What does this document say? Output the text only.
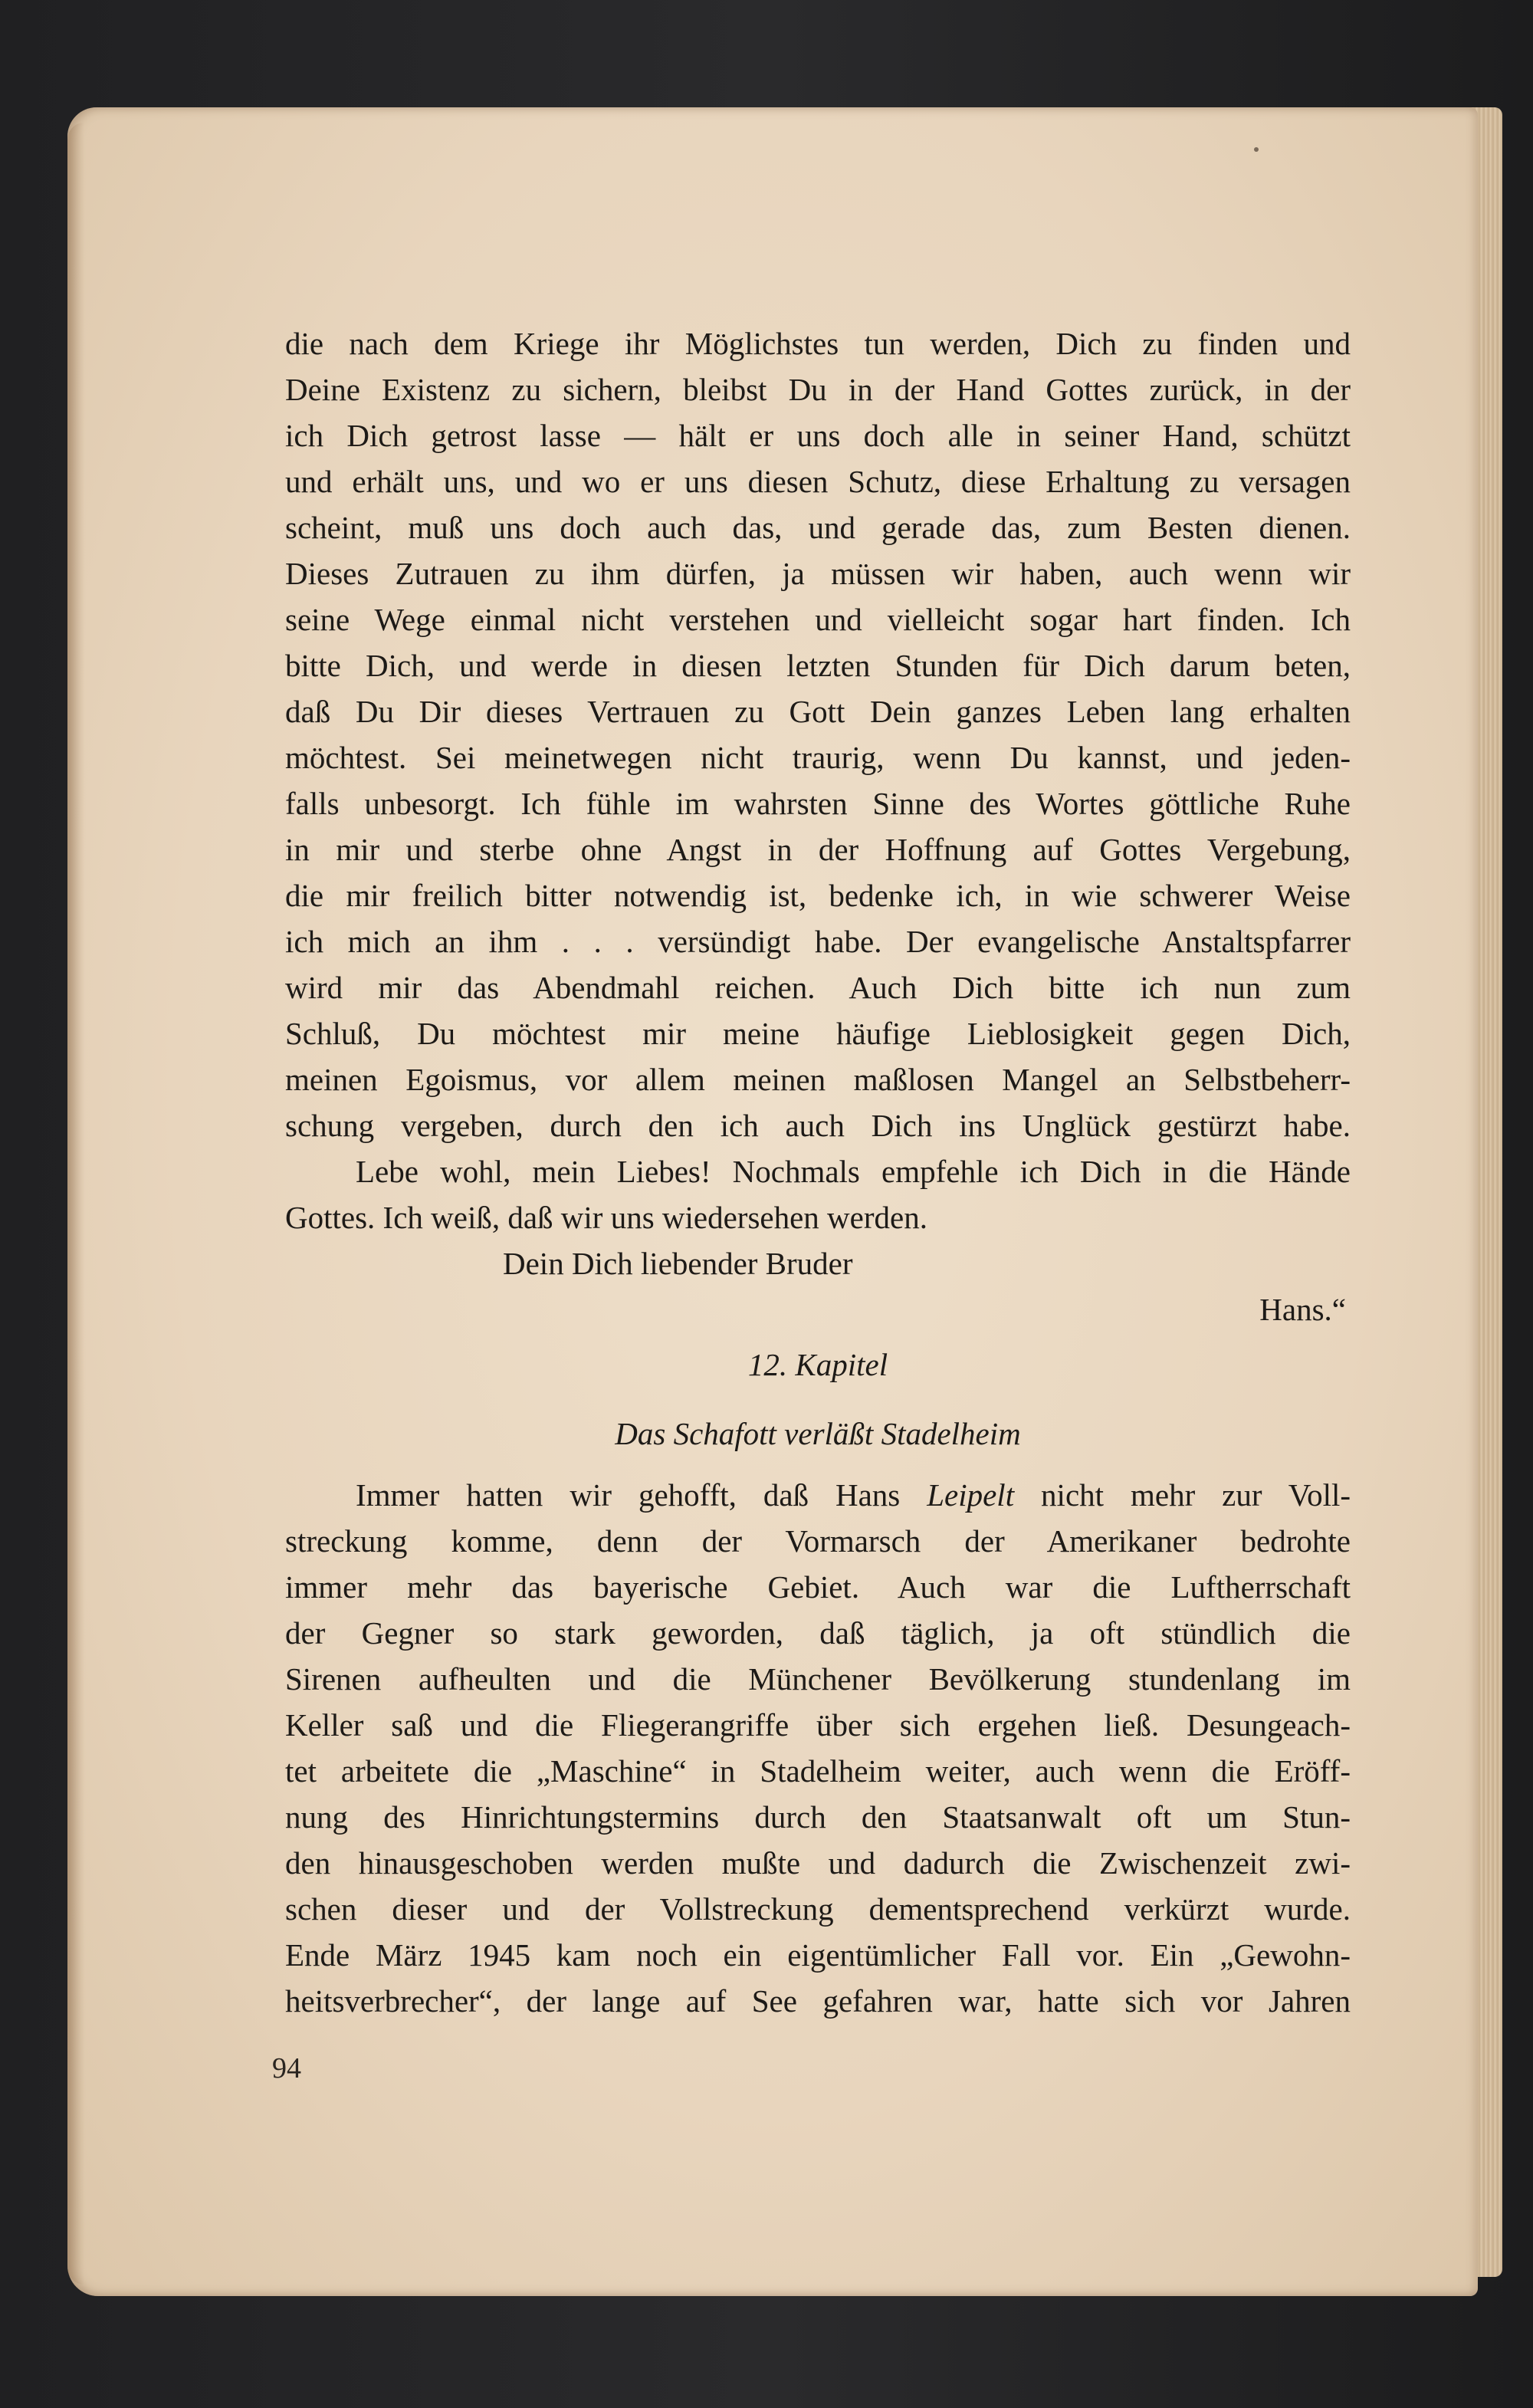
die nach dem Kriege ihr Möglichstes tun werden, Dich zu finden und
Deine Existenz zu sichern, bleibst Du in der Hand Gottes zurück, in der
ich Dich getrost lasse — hält er uns doch alle in seiner Hand, schützt
und erhält uns, und wo er uns diesen Schutz, diese Erhaltung zu versagen
scheint, muß uns doch auch das, und gerade das, zum Besten dienen.
Dieses Zutrauen zu ihm dürfen, ja müssen wir haben, auch wenn wir
seine Wege einmal nicht verstehen und vielleicht sogar hart finden. Ich
bitte Dich, und werde in diesen letzten Stunden für Dich darum beten,
daß Du Dir dieses Vertrauen zu Gott Dein ganzes Leben lang erhalten
möchtest. Sei meinetwegen nicht traurig, wenn Du kannst, und jeden-
falls unbesorgt. Ich fühle im wahrsten Sinne des Wortes göttliche Ruhe
in mir und sterbe ohne Angst in der Hoffnung auf Gottes Vergebung,
die mir freilich bitter notwendig ist, bedenke ich, in wie schwerer Weise
ich mich an ihm . . . versündigt habe. Der evangelische Anstaltspfarrer
wird mir das Abendmahl reichen. Auch Dich bitte ich nun zum
Schluß, Du möchtest mir meine häufige Lieblosigkeit gegen Dich,
meinen Egoismus, vor allem meinen maßlosen Mangel an Selbstbeherr-
schung vergeben, durch den ich auch Dich ins Unglück gestürzt habe.
Lebe wohl, mein Liebes! Nochmals empfehle ich Dich in die Hände
Gottes. Ich weiß, daß wir uns wiedersehen werden.
Dein Dich liebender Bruder
Hans.“
12. Kapitel
Das Schafott verläßt Stadelheim
Immer hatten wir gehofft, daß Hans Leipelt nicht mehr zur Voll-
streckung komme, denn der Vormarsch der Amerikaner bedrohte
immer mehr das bayerische Gebiet. Auch war die Luftherrschaft
der Gegner so stark geworden, daß täglich, ja oft stündlich die
Sirenen aufheulten und die Münchener Bevölkerung stundenlang im
Keller saß und die Fliegerangriffe über sich ergehen ließ. Desungeach-
tet arbeitete die „Maschine“ in Stadelheim weiter, auch wenn die Eröff-
nung des Hinrichtungstermins durch den Staatsanwalt oft um Stun-
den hinausgeschoben werden mußte und dadurch die Zwischenzeit zwi-
schen dieser und der Vollstreckung dementsprechend verkürzt wurde.
Ende März 1945 kam noch ein eigentümlicher Fall vor. Ein „Gewohn-
heitsverbrecher“, der lange auf See gefahren war, hatte sich vor Jahren
94
